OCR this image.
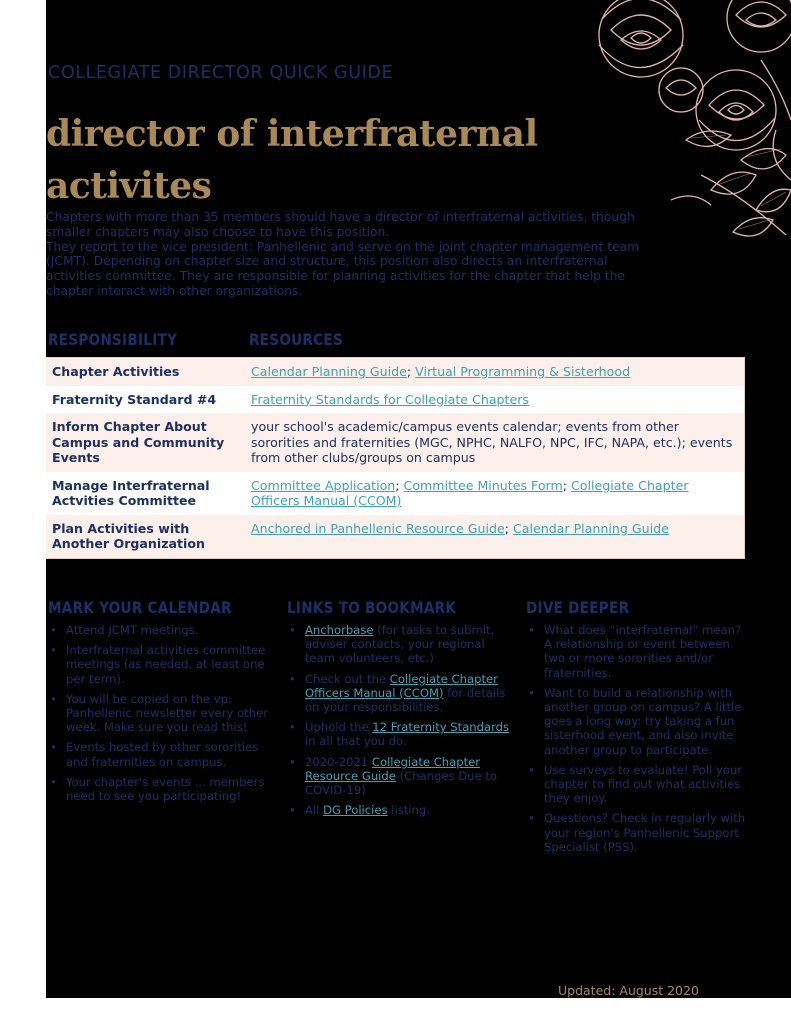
COLLEGIATE DIRECTOR QUICK GUIDE
director of interfraternal activites

Chapters with more than 35 members should have a director of interfraternal activities, though smaller chapters may also choose to have this position.

They report to the vice president: Panhellenic and serve on the joint chapter management team (JCMT). Depending on chapter size and structure, this position also directs an interfraternal activities committee. They are responsible for planning activities for the chapter that help the chapter interact with other organizations.

RESPONSIBILITY	RESOURCES
Chapter Activities	Calendar Planning Guide; Virtual Programming & Sisterhood
Fraternity Standard #4	Fraternity Standards for Collegiate Chapters
Inform Chapter About Campus and Community Events	your school's academic/campus events calendar; events from other sororities and fraternities (MGC, NPHC, NALFO, NPC, IFC, NAPA, etc.); events from other clubs/groups on campus
Manage Interfraternal Actvities Committee	Committee Application; Committee Minutes Form; Collegiate Chapter Officers Manual (CCOM)
Plan Activities with Another Organization	Anchored in Panhellenic Resource Guide; Calendar Planning Guide
MARK YOUR CALENDAR
• Attend JCMT meetings.
• Interfraternal activities committee meetings (as needed, at least one per term).
• You will be copied on the vp: Panhellenic newsletter every other week. Make sure you read this!
• Events hosted by other sororities and fraternities on campus.
• Your chapter's events ... members need to see you participating!
LINKS TO BOOKMARK
• Anchorbase (for tasks to submit, adviser contacts, your regional team volunteers, etc.)
• Check out the Collegiate Chapter Officers Manual (CCOM) for details on your responsibilities.
• Uphold the 12 Fraternity Standards in all that you do.
• 2020-2021 Collegiate Chapter Resource Guide (Changes Due to COVID-19)
• All DG Policies listing.
DIVE DEEPER
• What does “interfraternal” mean? A relationship or event between two or more sororities and/or fraternities.
• Want to build a relationship with another group on campus? A little goes a long way: try taking a fun sisterhood event, and also invite another group to participate.
• Use surveys to evaluate! Poll your chapter to find out what activities they enjoy.
• Questions? Check in regularly with your region's Panhellenic Support Specialist (PSS).
Updated: August 2020
